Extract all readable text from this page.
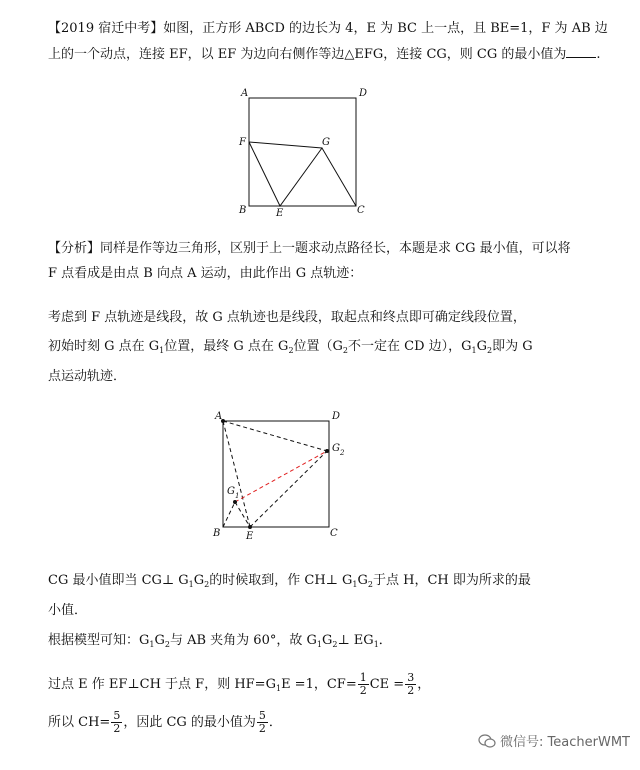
【2019 宿迁中考】如图，正方形 ABCD 的边长为 4，E 为 BC 上一点，且 BE=1，F 为 AB 边
上的一个动点，连接 EF，以 EF 为边向右侧作等边△EFG，连接 CG，则 CG 的最小值为 .
A	D
F	G
B	E	C
【分析】同样是作等边三角形，区别于上一题求动点路径长，本题是求 CG 最小值，可以将
F 点看成是由点 B 向点 A 运动，由此作出 G 点轨迹：
考虑到 F 点轨迹是线段，故 G 点轨迹也是线段，取起点和终点即可确定线段位置，
初始时刻 G 点在 $G_1$位置，最终 G 点在 $G_2$位置（$G_2$不一定在 CD 边），$G_1G_2$即为 G
点运动轨迹．
A	D
$G_2$
$G_1$
B	E	C
CG 最小值即当 CG⊥ $G_1G_2$的时候取到，作 CH⊥ $G_1G_2$于点 H，CH 即为所求的最
小值．
根据模型可知：$G_1G_2$与 AB 夹角为 60°，故 $G_1G_2\perp$ $EG_1$．
过点 E 作 EF⊥CH 于点 F，则 $HF=G_1E =1$，$CF= \frac{1}{2}$ CE = $\frac{3}{2}$ ，
所以 $CH= \frac{5}{2}$ ，因此 CG 的最小值为 $\frac{5}{2}$ ．
微信号: TeacherWMT
